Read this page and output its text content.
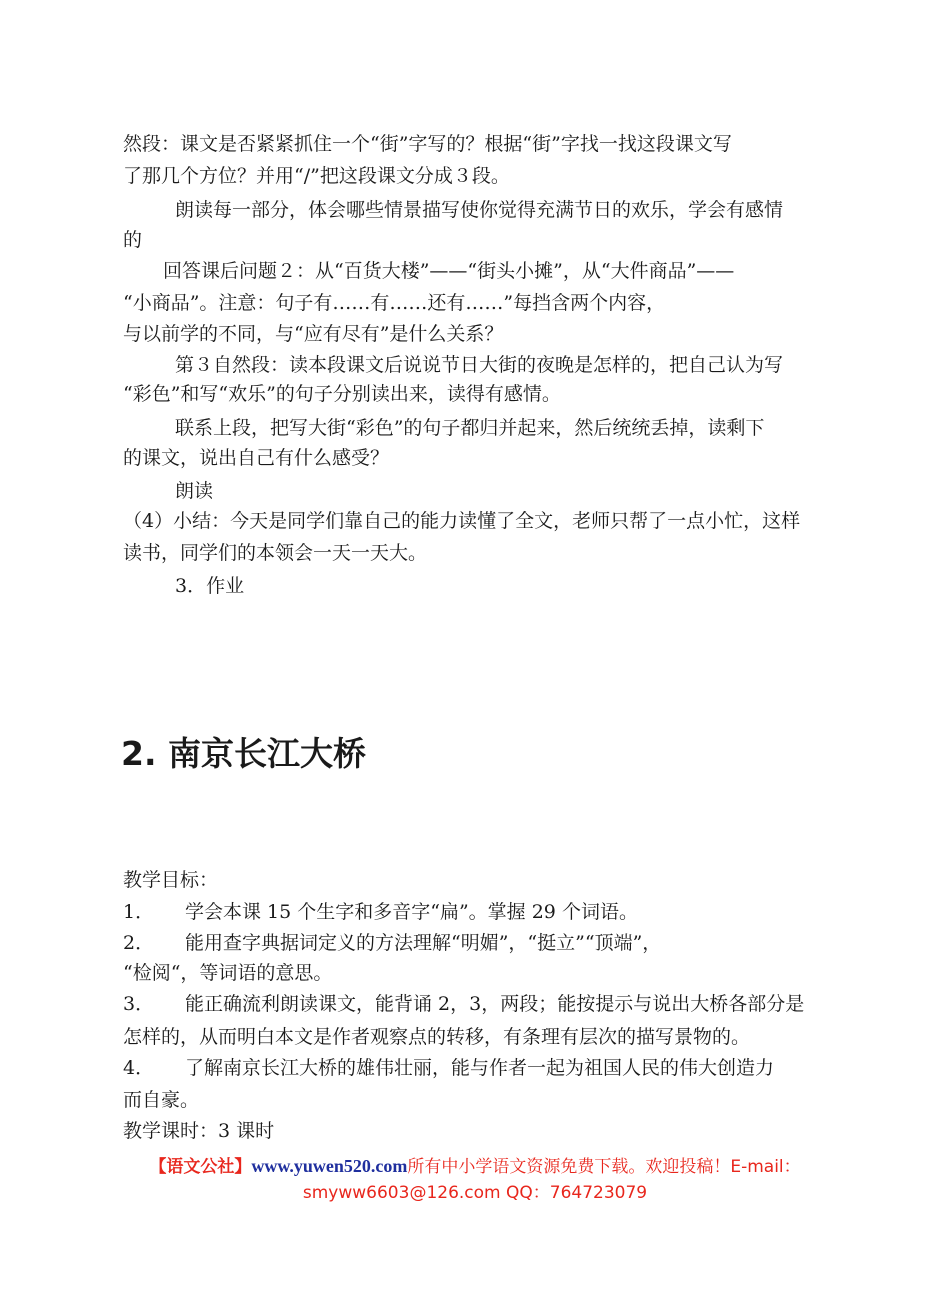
然段：课文是否紧紧抓住一个“街”字写的？根据“街”字找一找这段课文写
了那几个方位？并用“/”把这段课文分成３段。
朗读每一部分，体会哪些情景描写使你觉得充满节日的欢乐，学会有感情
的
回答课后问题２：从“百货大楼”——“街头小摊”，从“大件商品”——
“小商品”。注意：句子有……有……还有……”每挡含两个内容，
与以前学的不同，与“应有尽有”是什么关系？
第３自然段：读本段课文后说说节日大街的夜晚是怎样的，把自己认为写
“彩色”和写“欢乐”的句子分别读出来，读得有感情。
联系上段，把写大街“彩色”的句子都归并起来，然后统统丢掉，读剩下
的课文，说出自己有什么感受？
朗读
（4）小结：今天是同学们靠自己的能力读懂了全文，老师只帮了一点小忙，这样
读书，同学们的本领会一天一天大。
3．作业
2. 南京长江大桥
教学目标：
1． 学会本课 15 个生字和多音字“扁”。掌握 29 个词语。
2． 能用查字典据词定义的方法理解“明媚”，“挺立”“顶端”，
“检阅“，等词语的意思。
3． 能正确流利朗读课文，能背诵 2，3，两段；能按提示与说出大桥各部分是
怎样的，从而明白本文是作者观察点的转移，有条理有层次的描写景物的。
4． 了解南京长江大桥的雄伟壮丽，能与作者一起为祖国人民的伟大创造力
而自豪。
教学课时：3 课时
【语文公社】www.yuwen520.com所有中小学语文资源免费下载。欢迎投稿！E-mail：
smyww6603@126.com QQ：764723079
